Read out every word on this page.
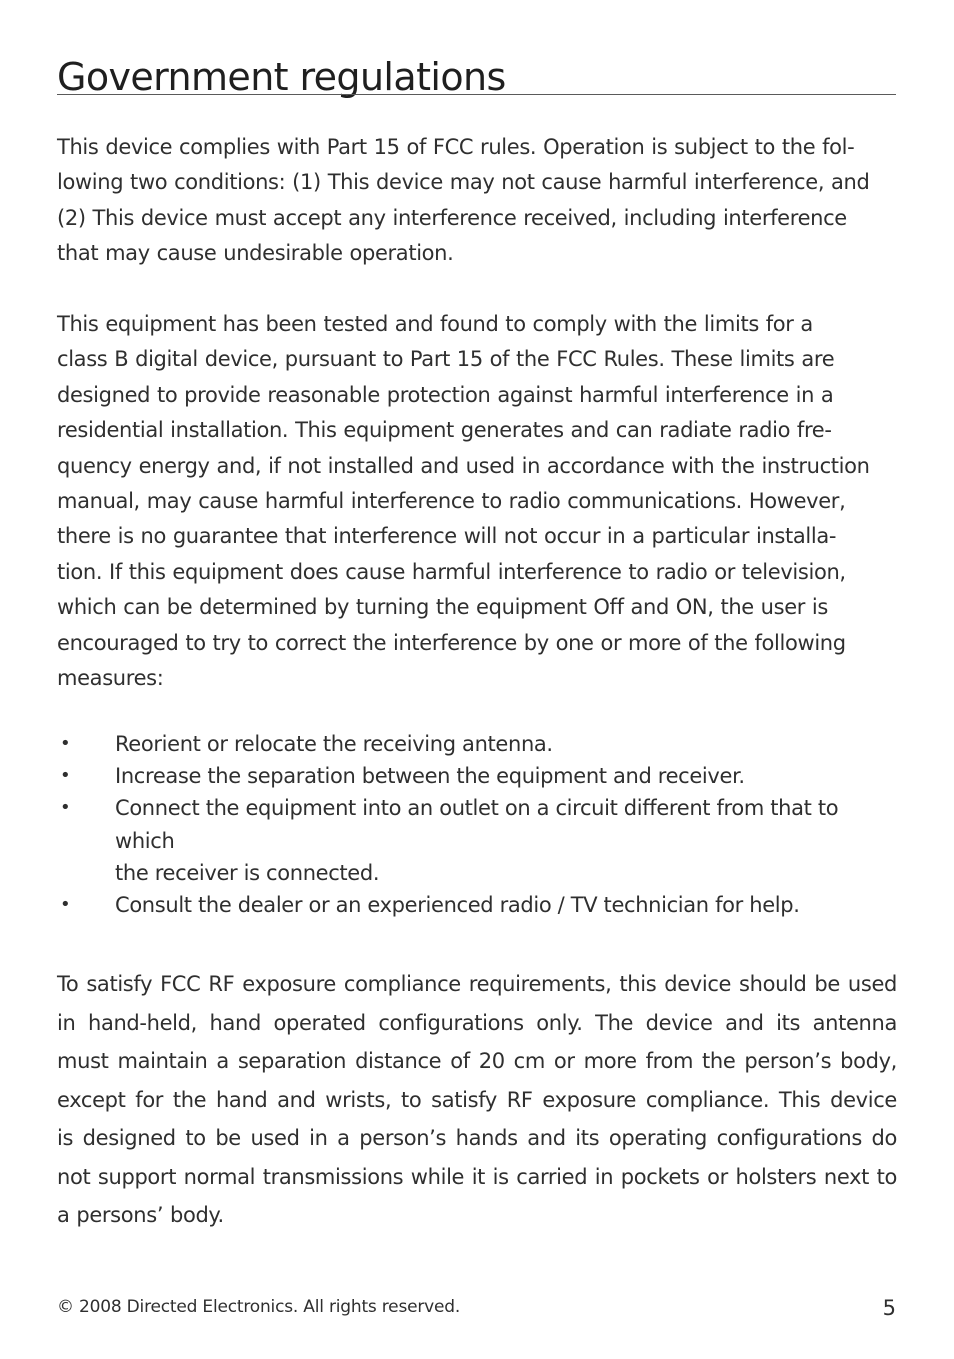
Government regulations

This device complies with Part 15 of FCC rules. Operation is subject to the fol-
lowing two conditions: (1) This device may not cause harmful interference, and
(2) This device must accept any interference received, including interference
that may cause undesirable operation.

This equipment has been tested and found to comply with the limits for a
class B digital device, pursuant to Part 15 of the FCC Rules. These limits are
designed to provide reasonable protection against harmful interference in a
residential installation. This equipment generates and can radiate radio fre-
quency energy and, if not installed and used in accordance with the instruction
manual, may cause harmful interference to radio communications. However,
there is no guarantee that interference will not occur in a particular installa-
tion. If this equipment does cause harmful interference to radio or television,
which can be determined by turning the equipment Off and ON, the user is
encouraged to try to correct the interference by one or more of the following
measures:

• Reorient or relocate the receiving antenna.
• Increase the separation between the equipment and receiver.
• Connect the equipment into an outlet on a circuit different from that to
which
the receiver is connected.
• Consult the dealer or an experienced radio / TV technician for help.

To satisfy FCC RF exposure compliance requirements, this device should be used
in hand-held, hand operated configurations only. The device and its antenna
must maintain a separation distance of 20 cm or more from the person’s body,
except for the hand and wrists, to satisfy RF exposure compliance. This device
is designed to be used in a person’s hands and its operating configurations do
not support normal transmissions while it is carried in pockets or holsters next to
a persons’ body.

© 2008 Directed Electronics. All rights reserved.	5
